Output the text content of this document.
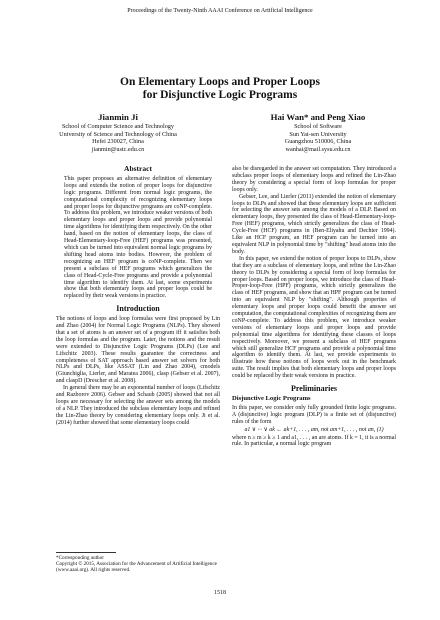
Proceedings of the Twenty-Ninth AAAI Conference on Artificial Intelligence
On Elementary Loops and Proper Loops
for Disjunctive Logic Programs
Jianmin Ji
School of Computer Science and Technology
University of Science and Technology of China
Hefei 230027, China
jianmin@ustc.edu.cn
Hai Wan* and Peng Xiao
School of Software
Sun Yat-sen University
Guangzhou 510006, China
wanhai@mail.sysu.edu.cn
Abstract

This paper proposes an alternative definition of elementary loops and extends the notion of proper loops for disjunctive logic programs. Different from normal logic programs, the computational complexity of recognizing elementary loops and proper loops for disjunctive programs are coNP-complete. To address this problem, we introduce weaker versions of both elementary loops and proper loops and provide polynomial time algorithms for identifying them respectively. On the other hand, based on the notion of elementary loops, the class of Head-Elementary-loop-Free (HEF) programs was presented, which can be turned into equivalent normal logic programs by shifting head atoms into bodies. However, the problem of recognizing an HEF program is coNP-complete. Then we present a subclass of HEF programs which generalizes the class of Head-Cycle-Free programs and provide a polynomial time algorithm to identify them. At last, some experiments show that both elementary loops and proper loops could be replaced by their weak versions in practice.

Introduction

The notions of loops and loop formulas were first proposed by Lin and Zhao (2004) for Normal Logic Programs (NLPs). They showed that a set of atoms is an answer set of a program iff it satisfies both the loop formulas and the program. Later, the notions and the result were extended to Disjunctive Logic Programs (DLPs) (Lee and Lifschitz 2003). These results guarantee the correctness and completeness of SAT approach based answer set solvers for both NLPs and DLPs, like ASSAT (Lin and Zhao 2004), cmodels (Giunchiglia, Lierler, and Maratea 2006), clasp (Gebser et al. 2007), and claspD (Drescher et al. 2008).

In general there may be an exponential number of loops (Lifschitz and Razborov 2006). Gebser and Schaub (2005) showed that not all loops are necessary for selecting the answer sets among the models of a NLP. They introduced the subclass elementary loops and refined the Lin-Zhao theory by considering elementary loops only. Ji et al. (2014) further showed that some elementary loops could

also be disregarded in the answer set computation. They introduced a subclass proper loops of elementary loops and refined the Lin-Zhao theory by considering a special form of loop formulas for proper loops only.

Gebser, Lee, and Lierler (2011) extended the notion of elementary loops to DLPs and showed that these elementary loops are sufficient for selecting the answer sets among the models of a DLP. Based on elementary loops, they presented the class of Head-Elementary-loop-Free (HEF) programs, which strictly generalizes the class of Head-Cycle-Free (HCF) programs in (Ben-Eliyahu and Dechter 1994). Like an HCF program, an HEF program can be turned into an equivalent NLP in polynomial time by "shifting" head atoms into the body.

In this paper, we extend the notion of proper loops to DLPs, show that they are a subclass of elementary loops, and refine the Lin-Zhao theory to DLPs by considering a special form of loop formulas for proper loops. Based on proper loops, we introduce the class of Head-Proper-loop-Free (HPF) programs, which strictly generalizes the class of HEF programs, and show that an HPF program can be turned into an equivalent NLP by "shifting". Although properties of elementary loops and proper loops could benefit the answer set computation, the computational complexities of recognizing them are coNP-complete. To address this problem, we introduce weaker versions of elementary loops and proper loops and provide polynomial time algorithms for identifying these classes of loops respectively. Moreover, we present a subclass of HEF programs which still generalize HCF programs and provide a polynomial time algorithm to identify them. At last, we provide experiments to illustrate how these notions of loops work out in the benchmark suite. The result implies that both elementary loops and proper loops could be replaced by their weak versions in practice.

Preliminaries
Disjunctive Logic Programs

In this paper, we consider only fully grounded finite logic programs. A (disjunctive) logic program (DLP) is a finite set of (disjunctive) rules of the form

a1 ∨ ··· ∨ ak ← ak+1, . . . , am, not am+1, . . . , not an, (1)

where n ≥ m ≥ k ≥ 1 and a1, . . . , an are atoms. If k = 1, it is a normal rule. In particular, a normal logic program

*Corresponding author
Copyright © 2015, Association for the Advancement of Artificial Intelligence (www.aaai.org). All rights reserved.
1518
